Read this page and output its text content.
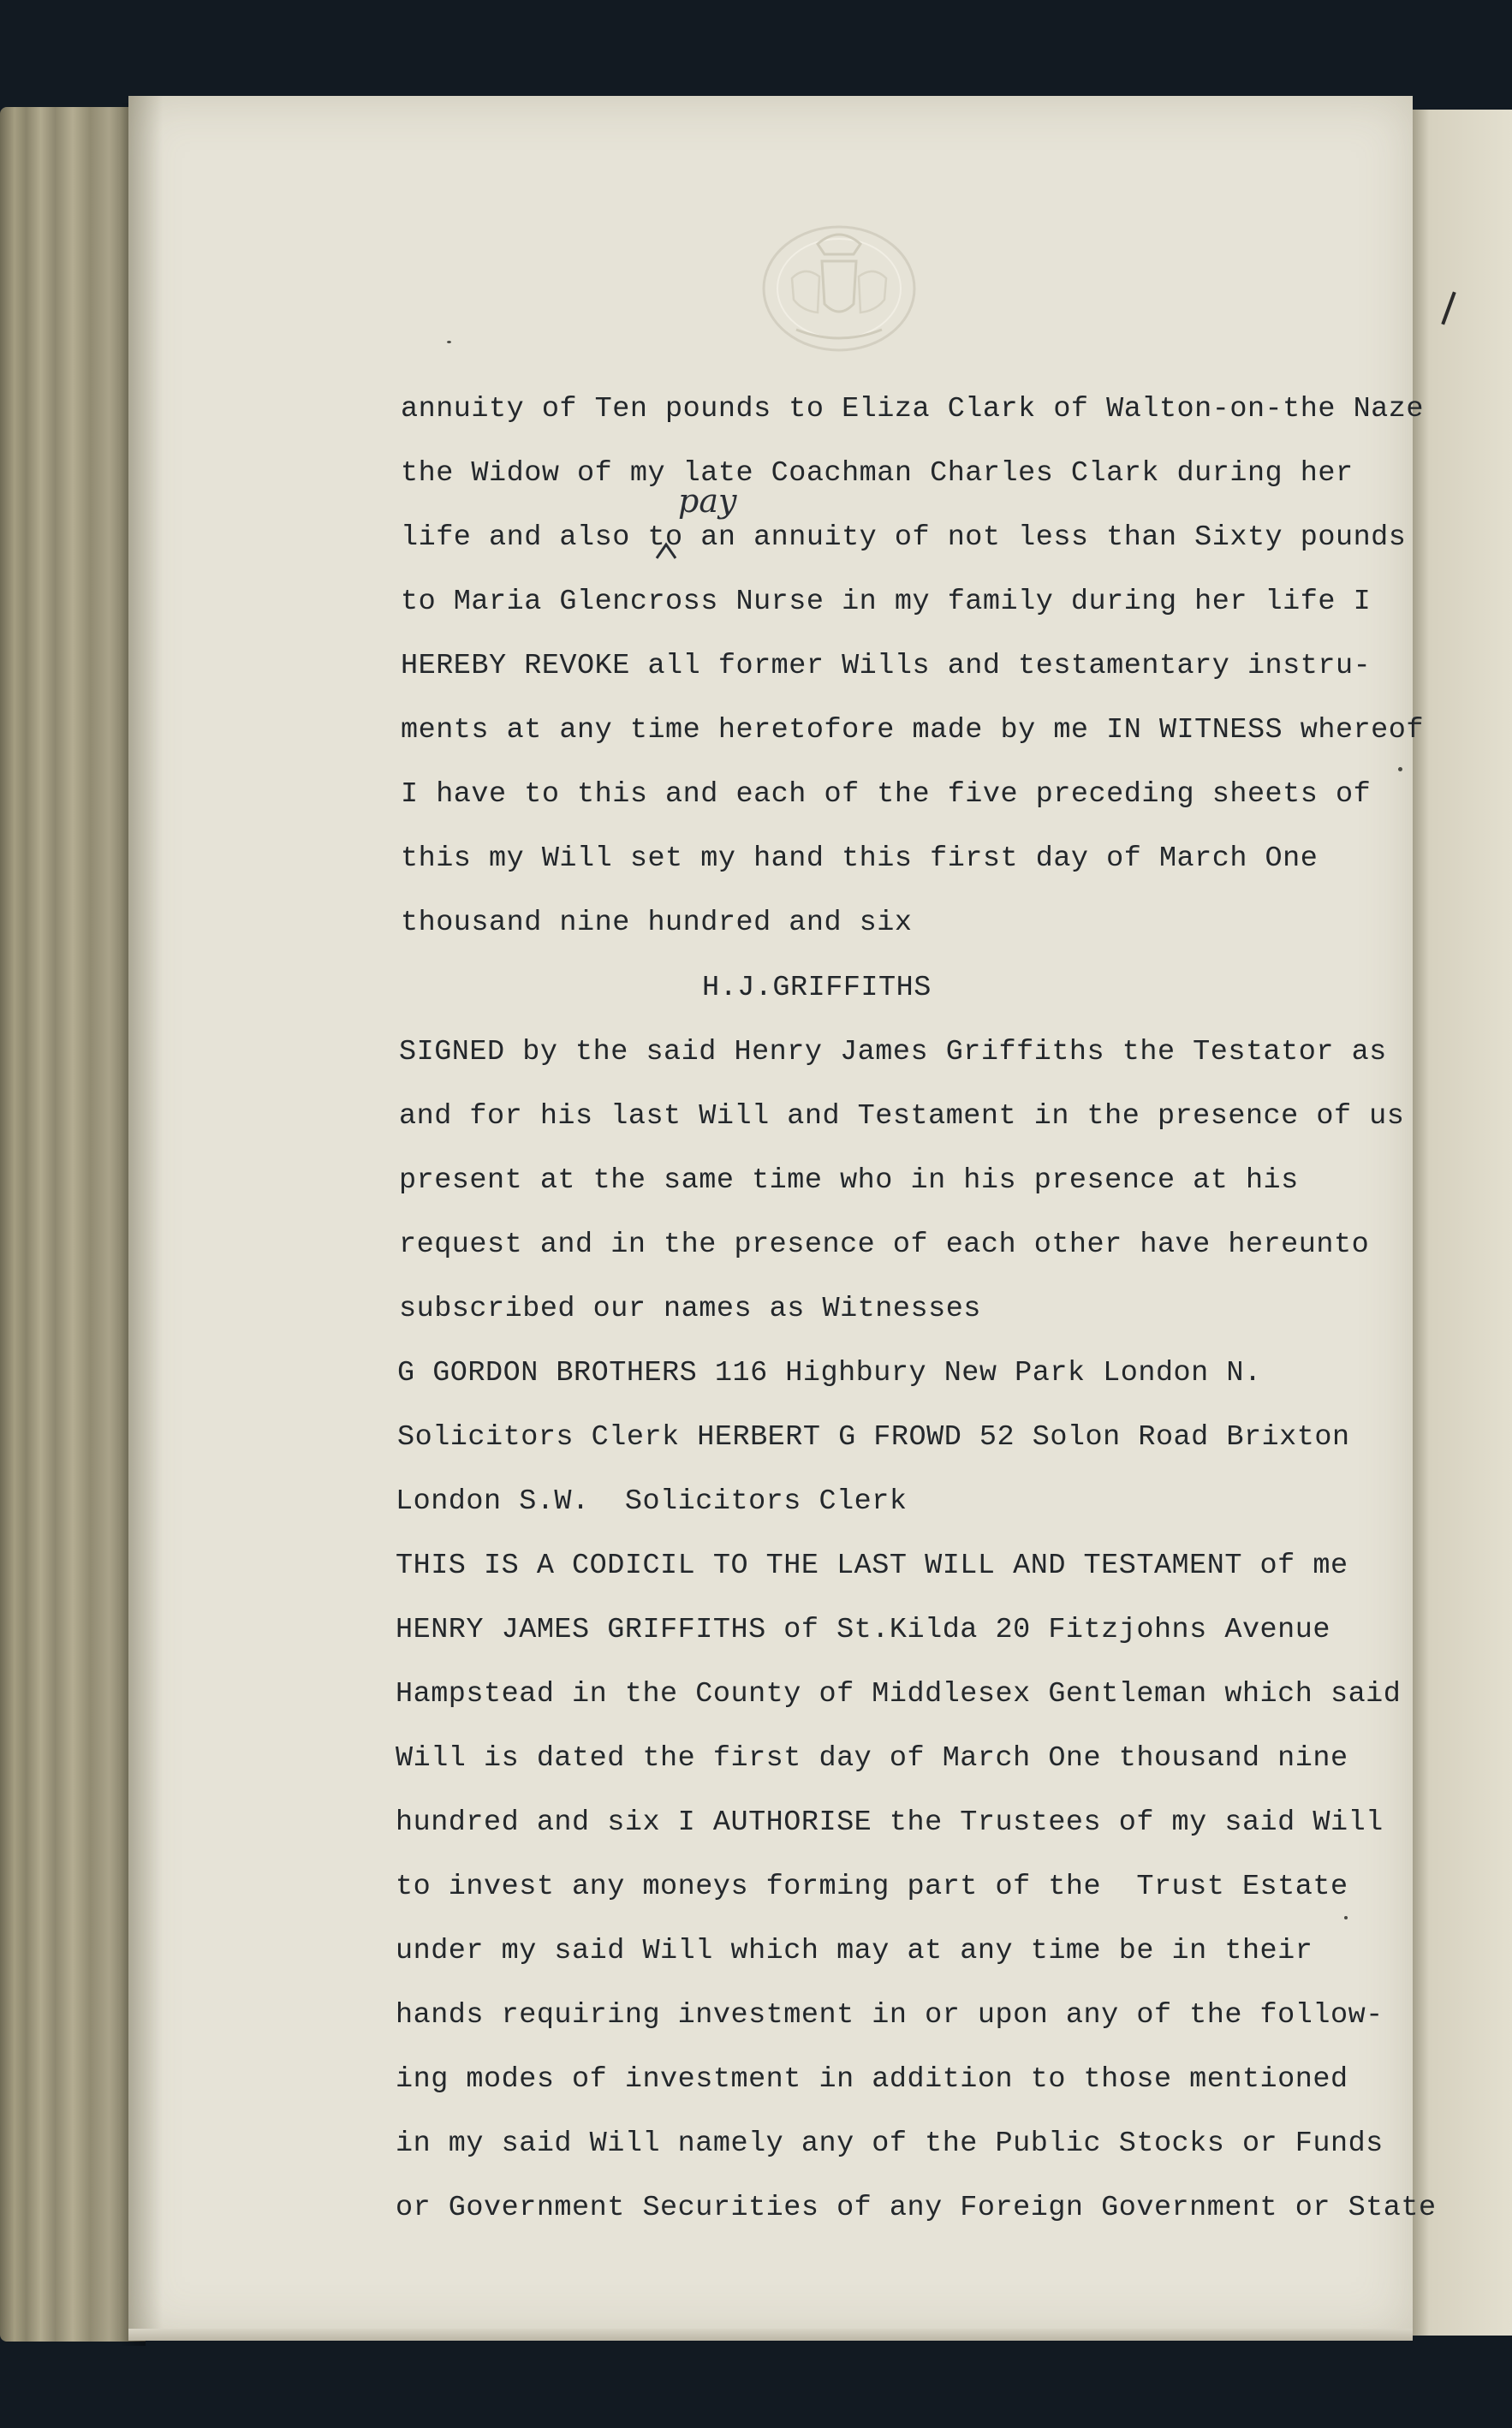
annuity of Ten pounds to Eliza Clark of Walton-on-the Naze
the Widow of my late Coachman Charles Clark during her
life and also to an annuity of not less than Sixty pounds
to Maria Glencross Nurse in my family during her life I
HEREBY REVOKE all former Wills and testamentary instru-
ments at any time heretofore made by me IN WITNESS whereof
I have to this and each of the five preceding sheets of
this my Will set my hand this first day of March One
thousand nine hundred and six
H.J.GRIFFITHS
SIGNED by the said Henry James Griffiths the Testator as
and for his last Will and Testament in the presence of us
present at the same time who in his presence at his
request and in the presence of each other have hereunto
subscribed our names as Witnesses
G GORDON BROTHERS 116 Highbury New Park London N.
Solicitors Clerk HERBERT G FROWD 52 Solon Road Brixton
London S.W.  Solicitors Clerk
THIS IS A CODICIL TO THE LAST WILL AND TESTAMENT of me
HENRY JAMES GRIFFITHS of St.Kilda 20 Fitzjohns Avenue
Hampstead in the County of Middlesex Gentleman which said
Will is dated the first day of March One thousand nine
hundred and six I AUTHORISE the Trustees of my said Will
to invest any moneys forming part of the  Trust Estate
under my said Will which may at any time be in their
hands requiring investment in or upon any of the follow-
ing modes of investment in addition to those mentioned
in my said Will namely any of the Public Stocks or Funds
or Government Securities of any Foreign Government or State
pay
